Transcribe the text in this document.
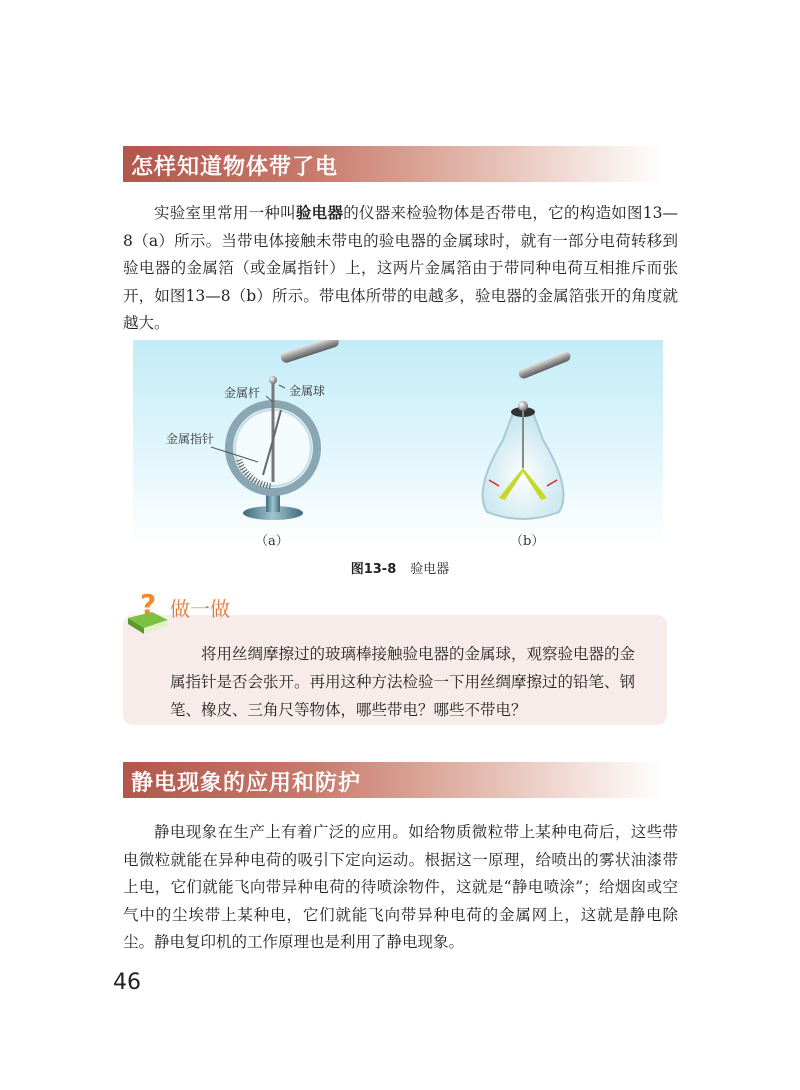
怎样知道物体带了电

实验室里常用一种叫验电器的仪器来检验物体是否带电，它的构造如图13—8（a）所示。当带电体接触未带电的验电器的金属球时，就有一部分电荷转移到验电器的金属箔（或金属指针）上，这两片金属箔由于带同种电荷互相推斥而张开，如图13—8（b）所示。带电体所带的电越多，验电器的金属箔张开的角度就越大。

金属杆 金属球
金属指针
（a）	（b）
图13-8 验电器
? 做一做

将用丝绸摩擦过的玻璃棒接触验电器的金属球，观察验电器的金属指针是否会张开。再用这种方法检验一下用丝绸摩擦过的铅笔、钢笔、橡皮、三角尺等物体，哪些带电？哪些不带电？

静电现象的应用和防护

静电现象在生产上有着广泛的应用。如给物质微粒带上某种电荷后，这些带电微粒就能在异种电荷的吸引下定向运动。根据这一原理，给喷出的雾状油漆带上电，它们就能飞向带异种电荷的待喷涂物件，这就是“静电喷涂”；给烟囱或空气中的尘埃带上某种电，它们就能飞向带异种电荷的金属网上，这就是静电除尘。静电复印机的工作原理也是利用了静电现象。

46
